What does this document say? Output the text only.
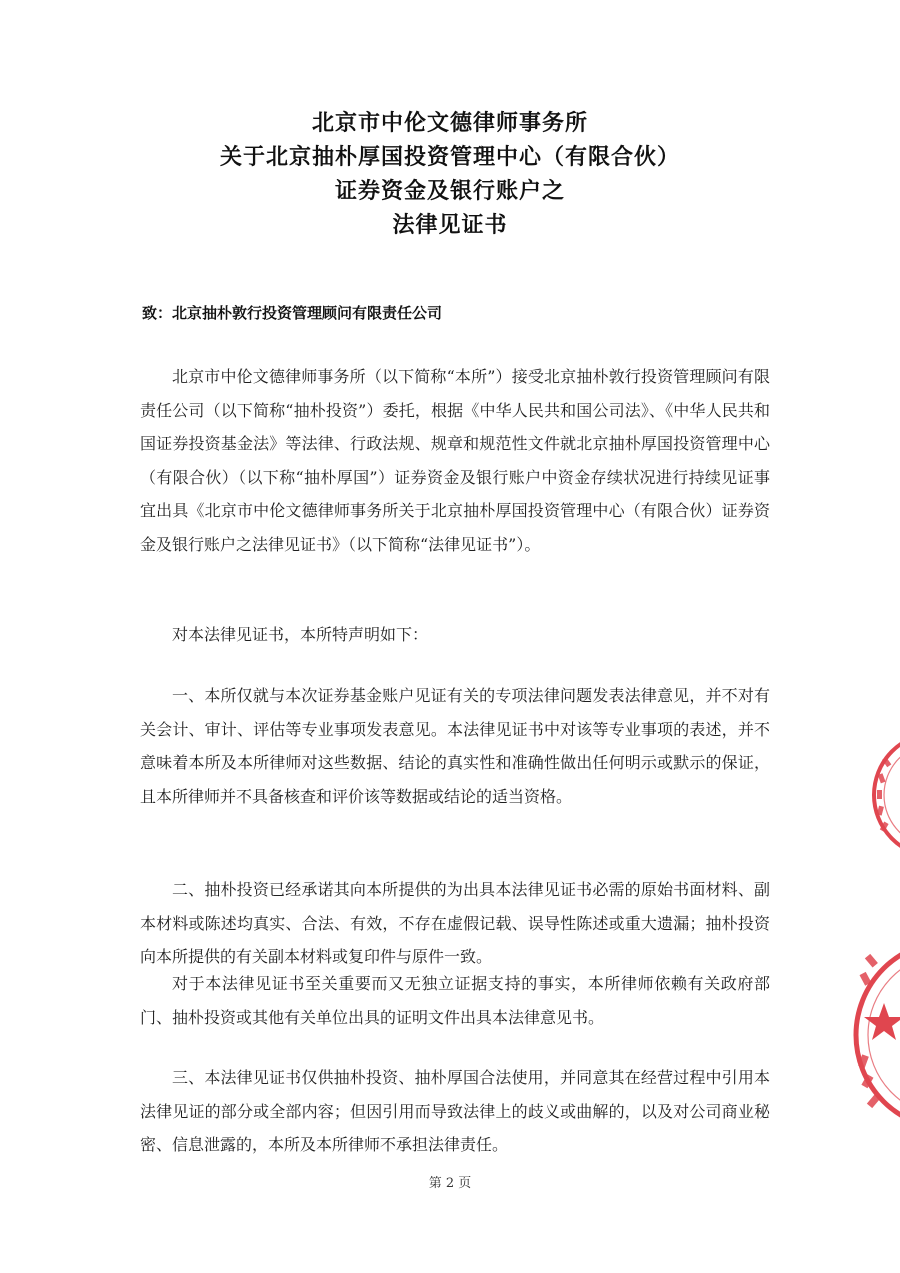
北京市中伦文德律师事务所
关于北京抽朴厚国投资管理中心（有限合伙）
证券资金及银行账户之
法律见证书
致：北京抽朴敦行投资管理顾问有限责任公司

北京市中伦文德律师事务所（以下简称“本所”）接受北京抽朴敦行投资管理顾问有限责任公司（以下简称“抽朴投资”）委托，根据《中华人民共和国公司法》、《中华人民共和国证券投资基金法》等法律、行政法规、规章和规范性文件就北京抽朴厚国投资管理中心（有限合伙）（以下称“抽朴厚国”）证券资金及银行账户中资金存续状况进行持续见证事宜出具《北京市中伦文德律师事务所关于北京抽朴厚国投资管理中心（有限合伙）证券资金及银行账户之法律见证书》（以下简称“法律见证书”）。

对本法律见证书，本所特声明如下：

一、本所仅就与本次证券基金账户见证有关的专项法律问题发表法律意见，并不对有关会计、审计、评估等专业事项发表意见。本法律见证书中对该等专业事项的表述，并不意味着本所及本所律师对这些数据、结论的真实性和准确性做出任何明示或默示的保证，且本所律师并不具备核查和评价该等数据或结论的适当资格。

二、抽朴投资已经承诺其向本所提供的为出具本法律见证书必需的原始书面材料、副本材料或陈述均真实、合法、有效，不存在虚假记载、误导性陈述或重大遗漏；抽朴投资向本所提供的有关副本材料或复印件与原件一致。

对于本法律见证书至关重要而又无独立证据支持的事实，本所律师依赖有关政府部门、抽朴投资或其他有关单位出具的证明文件出具本法律意见书。

三、本法律见证书仅供抽朴投资、抽朴厚国合法使用，并同意其在经营过程中引用本法律见证的部分或全部内容；但因引用而导致法律上的歧义或曲解的，以及对公司商业秘密、信息泄露的，本所及本所律师不承担法律责任。

第 2 页
